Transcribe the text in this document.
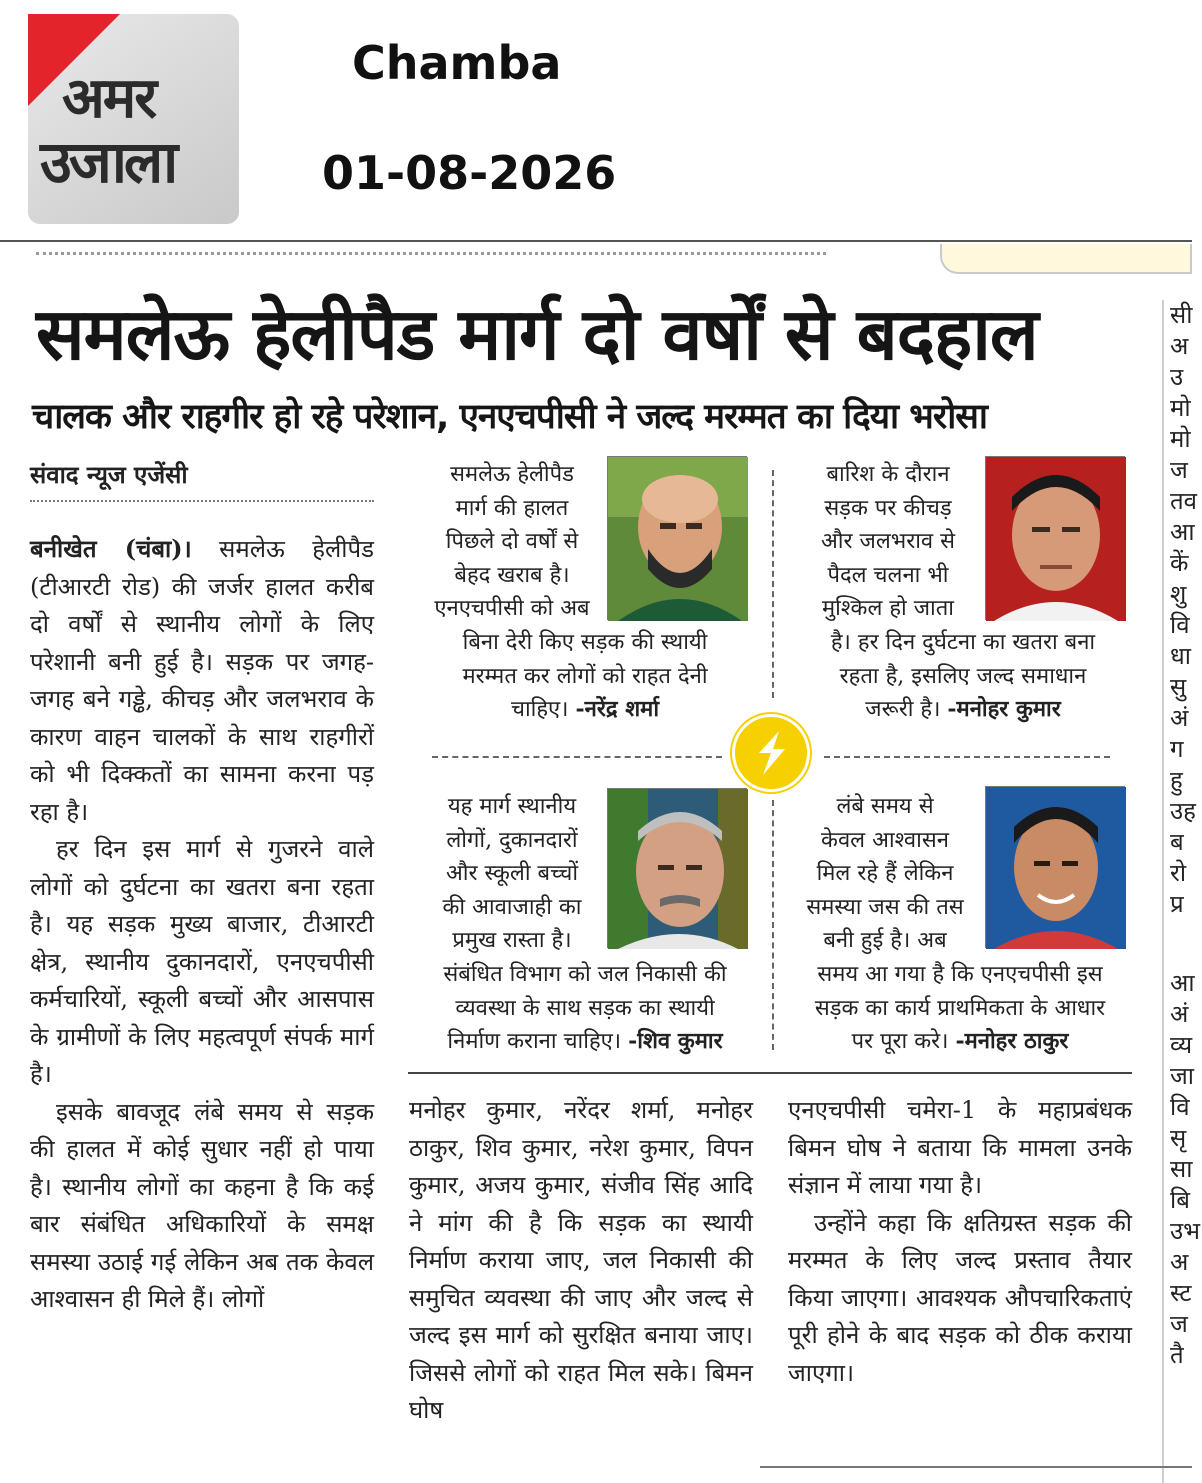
अमर
उजाला
Chamba
01-08-2026
समलेऊ हेलीपैड मार्ग दो वर्षों से बदहाल
चालक और राहगीर हो रहे परेशान, एनएचपीसी ने जल्द मरम्मत का दिया भरोसा
संवाद न्यूज एजेंसी

बनीखेत (चंबा)। समलेऊ हेलीपैड (टीआरटी रोड) की जर्जर हालत करीब दो वर्षों से स्थानीय लोगों के लिए परेशानी बनी हुई है। सड़क पर जगह-जगह बने गड्ढे, कीचड़ और जलभराव के कारण वाहन चालकों के साथ राहगीरों को भी दिक्कतों का सामना करना पड़ रहा है।

हर दिन इस मार्ग से गुजरने वाले लोगों को दुर्घटना का खतरा बना रहता है। यह सड़क मुख्य बाजार, टीआरटी क्षेत्र, स्थानीय दुकानदारों, एनएचपीसी कर्मचारियों, स्कूली बच्चों और आसपास के ग्रामीणों के लिए महत्वपूर्ण संपर्क मार्ग है।

इसके बावजूद लंबे समय से सड़क की हालत में कोई सुधार नहीं हो पाया है। स्थानीय लोगों का कहना है कि कई बार संबंधित अधिकारियों के समक्ष समस्या उठाई गई लेकिन अब तक केवल आश्वासन ही मिले हैं। लोगों

समलेऊ हेलीपैड
मार्ग की हालत
पिछले दो वर्षों से
बेहद खराब है।
एनएचपीसी को अब
बिना देरी किए सड़क की स्थायी
मरम्मत कर लोगों को राहत देनी
चाहिए। -नरेंद्र शर्मा
बारिश के दौरान
सड़क पर कीचड़
और जलभराव से
पैदल चलना भी
मुश्किल हो जाता
है। हर दिन दुर्घटना का खतरा बना
रहता है, इसलिए जल्द समाधान
जरूरी है। -मनोहर कुमार
यह मार्ग स्थानीय
लोगों, दुकानदारों
और स्कूली बच्चों
की आवाजाही का
प्रमुख रास्ता है।
संबंधित विभाग को जल निकासी की
व्यवस्था के साथ सड़क का स्थायी
निर्माण कराना चाहिए। -शिव कुमार
लंबे समय से
केवल आश्वासन
मिल रहे हैं लेकिन
समस्या जस की तस
बनी हुई है। अब
समय आ गया है कि एनएचपीसी इस
सड़क का कार्य प्राथमिकता के आधार
पर पूरा करे। -मनोहर ठाकुर

मनोहर कुमार, नरेंदर शर्मा, मनोहर ठाकुर, शिव कुमार, नरेश कुमार, विपन कुमार, अजय कुमार, संजीव सिंह आदि ने मांग की है कि सड़क का स्थायी निर्माण कराया जाए, जल निकासी की समुचित व्यवस्था की जाए और जल्द से जल्द इस मार्ग को सुरक्षित बनाया जाए। जिससे लोगों को राहत मिल सके। बिमन घोष

एनएचपीसी चमेरा-1 के महाप्रबंधक बिमन घोष ने बताया कि मामला उनके संज्ञान में लाया गया है।

उन्होंने कहा कि क्षतिग्रस्त सड़क की मरम्मत के लिए जल्द प्रस्ताव तैयार किया जाएगा। आवश्यक औपचारिकताएं पूरी होने के बाद सड़क को ठीक कराया जाएगा।

सी
अ
उ
मो
मो
ज
तव
आ
कें
शु
वि
धा
सु
अं
ग
हु
उह
ब
रो
प्र
आ
अं
व्य
जा
वि
सृ
सा
बि
उभ
अ
स्ट
ज
तै
